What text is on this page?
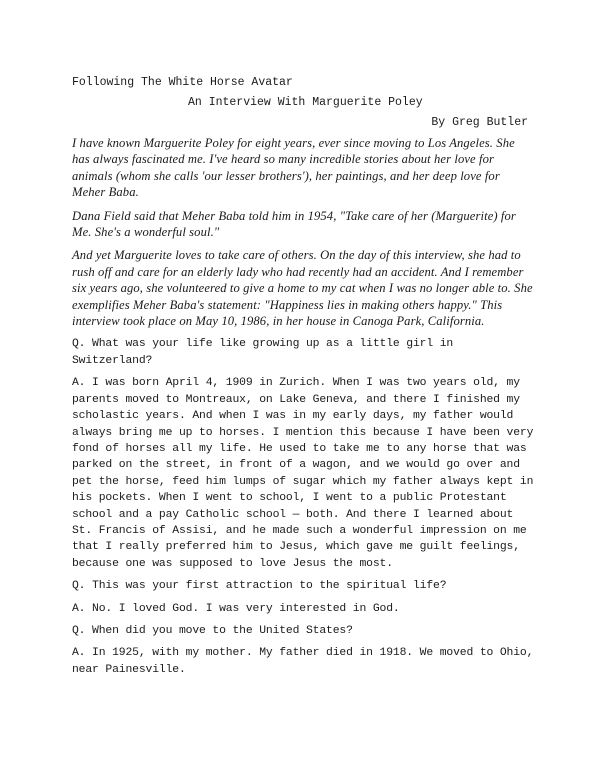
Following The White Horse Avatar
An Interview With Marguerite Poley
By Greg Butler

I have known Marguerite Poley for eight years, ever since moving to Los Angeles. She has always fascinated me. I've heard so many incredible stories about her love for animals (whom she calls 'our lesser brothers'), her paintings, and her deep love for Meher Baba.

Dana Field said that Meher Baba told him in 1954, "Take care of her (Marguerite) for Me. She's a wonderful soul."

And yet Marguerite loves to take care of others. On the day of this interview, she had to rush off and care for an elderly lady who had recently had an accident. And I remember six years ago, she volunteered to give a home to my cat when I was no longer able to. She exemplifies Meher Baba's statement: "Happiness lies in making others happy." This interview took place on May 10, 1986, in her house in Canoga Park, California.

Q. What was your life like growing up as a little girl in Switzerland?

A. I was born April 4, 1909 in Zurich. When I was two years old, my parents moved to Montreaux, on Lake Geneva, and there I finished my scholastic years. And when I was in my early days, my father would always bring me up to horses. I mention this because I have been very fond of horses all my life. He used to take me to any horse that was parked on the street, in front of a wagon, and we would go over and pet the horse, feed him lumps of sugar which my father always kept in his pockets. When I went to school, I went to a public Protestant school and a pay Catholic school — both. And there I learned about St. Francis of Assisi, and he made such a wonderful impression on me that I really preferred him to Jesus, which gave me guilt feelings, because one was supposed to love Jesus the most.

Q. This was your first attraction to the spiritual life?

A. No. I loved God. I was very interested in God.

Q. When did you move to the United States?

A. In 1925, with my mother. My father died in 1918. We moved to Ohio, near Painesville.
